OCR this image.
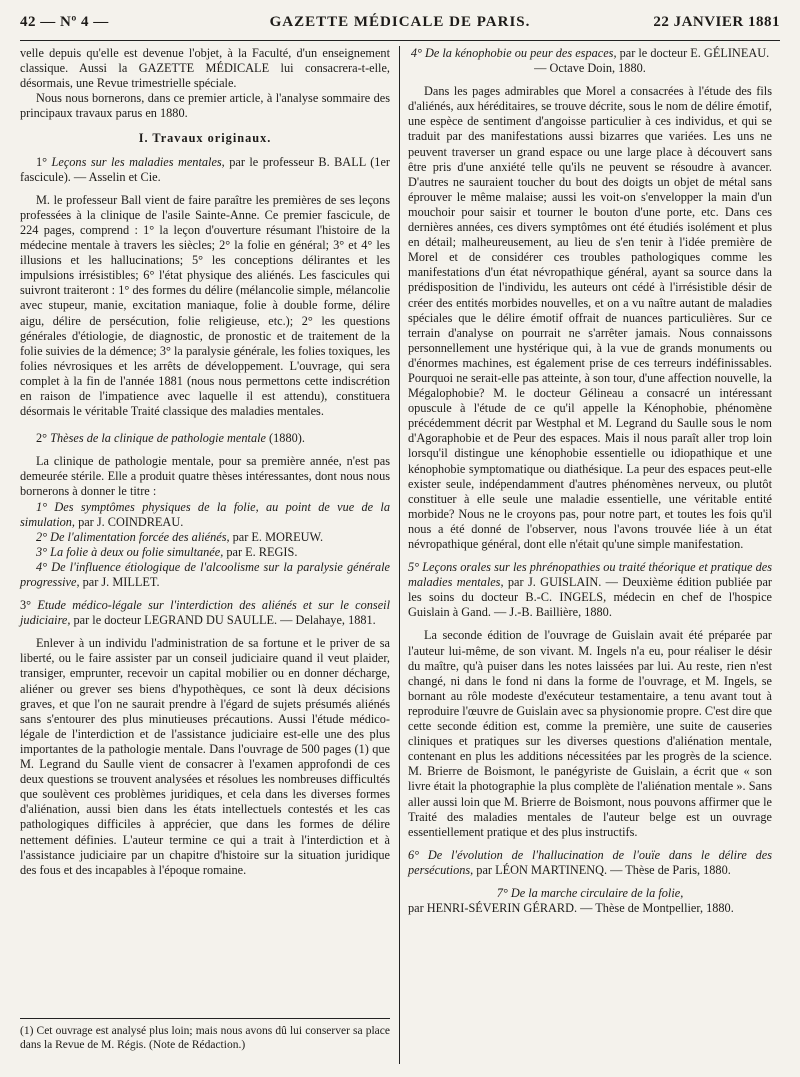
42 — Nº 4 —	GAZETTE MÉDICALE DE PARIS.	22 JANVIER 1881

velle depuis qu'elle est devenue l'objet, à la Faculté, d'un enseignement classique. Aussi la GAZETTE MÉDICALE lui consacrera-t-elle, désormais, une Revue trimestrielle spéciale.

Nous nous bornerons, dans ce premier article, à l'analyse sommaire des principaux travaux parus en 1880.

I. Travaux originaux.

1° Leçons sur les maladies mentales, par le professeur B. BALL (1er fascicule). — Asselin et Cie.

M. le professeur Ball vient de faire paraître les premières de ses leçons professées à la clinique de l'asile Sainte-Anne. Ce premier fascicule, de 224 pages, comprend : 1° la leçon d'ouverture résumant l'histoire de la médecine mentale à travers les siècles; 2° la folie en général; 3° et 4° les illusions et les hallucinations; 5° les conceptions délirantes et les impulsions irrésistibles; 6° l'état physique des aliénés. Les fascicules qui suivront traiteront : 1° des formes du délire (mélancolie simple, mélancolie avec stupeur, manie, excitation maniaque, folie à double forme, délire aigu, délire de persécution, folie religieuse, etc.); 2° les questions générales d'étiologie, de diagnostic, de pronostic et de traitement de la folie suivies de la démence; 3° la paralysie générale, les folies toxiques, les folies névrosiques et les arrêts de développement. L'ouvrage, qui sera complet à la fin de l'année 1881 (nous nous permettons cette indiscrétion en raison de l'impatience avec laquelle il est attendu), constituera désormais le véritable Traité classique des maladies mentales.

2° Thèses de la clinique de pathologie mentale (1880).

La clinique de pathologie mentale, pour sa première année, n'est pas demeurée stérile. Elle a produit quatre thèses intéressantes, dont nous nous bornerons à donner le titre :

1° Des symptômes physiques de la folie, au point de vue de la simulation, par J. COINDREAU.

2° De l'alimentation forcée des aliénés, par E. MOREUW.

3° La folie à deux ou folie simultanée, par E. REGIS.

4° De l'influence étiologique de l'alcoolisme sur la paralysie générale progressive, par J. MILLET.

3° Etude médico-légale sur l'interdiction des aliénés et sur le conseil judiciaire, par le docteur LEGRAND DU SAULLE. — Delahaye, 1881.

Enlever à un individu l'administration de sa fortune et le priver de sa liberté, ou le faire assister par un conseil judiciaire quand il veut plaider, transiger, emprunter, recevoir un capital mobilier ou en donner décharge, aliéner ou grever ses biens d'hypothèques, ce sont là deux décisions graves, et que l'on ne saurait prendre à l'égard de sujets présumés aliénés sans s'entourer des plus minutieuses précautions. Aussi l'étude médico-légale de l'interdiction et de l'assistance judiciaire est-elle une des plus importantes de la pathologie mentale. Dans l'ouvrage de 500 pages (1) que M. Legrand du Saulle vient de consacrer à l'examen approfondi de ces deux questions se trouvent analysées et résolues les nombreuses difficultés que soulèvent ces problèmes juridiques, et cela dans les diverses formes d'aliénation, aussi bien dans les états intellectuels contestés et les cas pathologiques difficiles à apprécier, que dans les formes de délire nettement définies. L'auteur termine ce qui a trait à l'interdiction et à l'assistance judiciaire par un chapitre d'histoire sur la situation juridique des fous et des incapables à l'époque romaine.

(1) Cet ouvrage est analysé plus loin; mais nous avons dû lui conserver sa place dans la Revue de M. Régis. (Note de Rédaction.)

4° De la kénophobie ou peur des espaces, par le docteur E. GÉLINEAU. — Octave Doin, 1880.

Dans les pages admirables que Morel a consacrées à l'étude des fils d'aliénés, aux héréditaires, se trouve décrite, sous le nom de délire émotif, une espèce de sentiment d'angoisse particulier à ces individus, et qui se traduit par des manifestations aussi bizarres que variées. Les uns ne peuvent traverser un grand espace ou une large place à découvert sans être pris d'une anxiété telle qu'ils ne peuvent se résoudre à avancer. D'autres ne sauraient toucher du bout des doigts un objet de métal sans éprouver le même malaise; aussi les voit-on s'envelopper la main d'un mouchoir pour saisir et tourner le bouton d'une porte, etc. Dans ces dernières années, ces divers symptômes ont été étudiés isolément et plus en détail; malheureusement, au lieu de s'en tenir à l'idée première de Morel et de considérer ces troubles pathologiques comme les manifestations d'un état névropathique général, ayant sa source dans la prédisposition de l'individu, les auteurs ont cédé à l'irrésistible désir de créer des entités morbides nouvelles, et on a vu naître autant de maladies spéciales que le délire émotif offrait de nuances particulières. Sur ce terrain d'analyse on pourrait ne s'arrêter jamais. Nous connaissons personnellement une hystérique qui, à la vue de grands monuments ou d'énormes machines, est également prise de ces terreurs indéfinissables. Pourquoi ne serait-elle pas atteinte, à son tour, d'une affection nouvelle, la Mégalophobie? M. le docteur Gélineau a consacré un intéressant opuscule à l'étude de ce qu'il appelle la Kénophobie, phénomène précédemment décrit par Westphal et M. Legrand du Saulle sous le nom d'Agoraphobie et de Peur des espaces. Mais il nous paraît aller trop loin lorsqu'il distingue une kénophobie essentielle ou idiopathique et une kénophobie symptomatique ou diathésique. La peur des espaces peut-elle exister seule, indépendamment d'autres phénomènes nerveux, ou plutôt constituer à elle seule une maladie essentielle, une véritable entité morbide? Nous ne le croyons pas, pour notre part, et toutes les fois qu'il nous a été donné de l'observer, nous l'avons trouvée liée à un état névropathique général, dont elle n'était qu'une simple manifestation.

5° Leçons orales sur les phrénopathies ou traité théorique et pratique des maladies mentales, par J. GUISLAIN. — Deuxième édition publiée par les soins du docteur B.-C. INGELS, médecin en chef de l'hospice Guislain à Gand. — J.-B. Baillière, 1880.

La seconde édition de l'ouvrage de Guislain avait été préparée par l'auteur lui-même, de son vivant. M. Ingels n'a eu, pour réaliser le désir du maître, qu'à puiser dans les notes laissées par lui. Au reste, rien n'est changé, ni dans le fond ni dans la forme de l'ouvrage, et M. Ingels, se bornant au rôle modeste d'exécuteur testamentaire, a tenu avant tout à reproduire l'œuvre de Guislain avec sa physionomie propre. C'est dire que cette seconde édition est, comme la première, une suite de causeries cliniques et pratiques sur les diverses questions d'aliénation mentale, contenant en plus les additions nécessitées par les progrès de la science. M. Brierre de Boismont, le panégyriste de Guislain, a écrit que « son livre était la photographie la plus complète de l'aliénation mentale ». Sans aller aussi loin que M. Brierre de Boismont, nous pouvons affirmer que le Traité des maladies mentales de l'auteur belge est un ouvrage essentiellement pratique et des plus instructifs.

6° De l'évolution de l'hallucination de l'ouïe dans le délire des persécutions, par LÉON MARTINENQ. — Thèse de Paris, 1880.

7° De la marche circulaire de la folie,

par HENRI-SÉVERIN GÉRARD. — Thèse de Montpellier, 1880.
